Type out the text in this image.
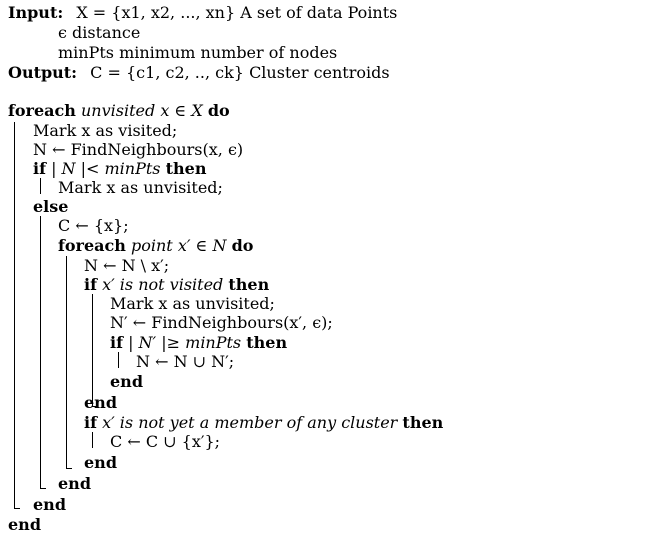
Input: X = {x1, x2, ..., xn} A set of data Points
ϵ distance
minPts minimum number of nodes
Output: C = {c1, c2, .., ck} Cluster centroids
foreach unvisited x ∈ X do
Mark x as visited;
N ← FindNeighbours(x, ϵ)
if | N |< minPts then
Mark x as unvisited;
else
C ← {x};
foreach point x′ ∈ N do
N ← N \ x′;
if x′ is not visited then
Mark x as unvisited;
N′ ← FindNeighbours(x′, ϵ);
if | N′ |≥ minPts then
N ← N ∪ N′;
end
end
if x′ is not yet a member of any cluster then
C ← C ∪ {x′};
end
end
end
end
